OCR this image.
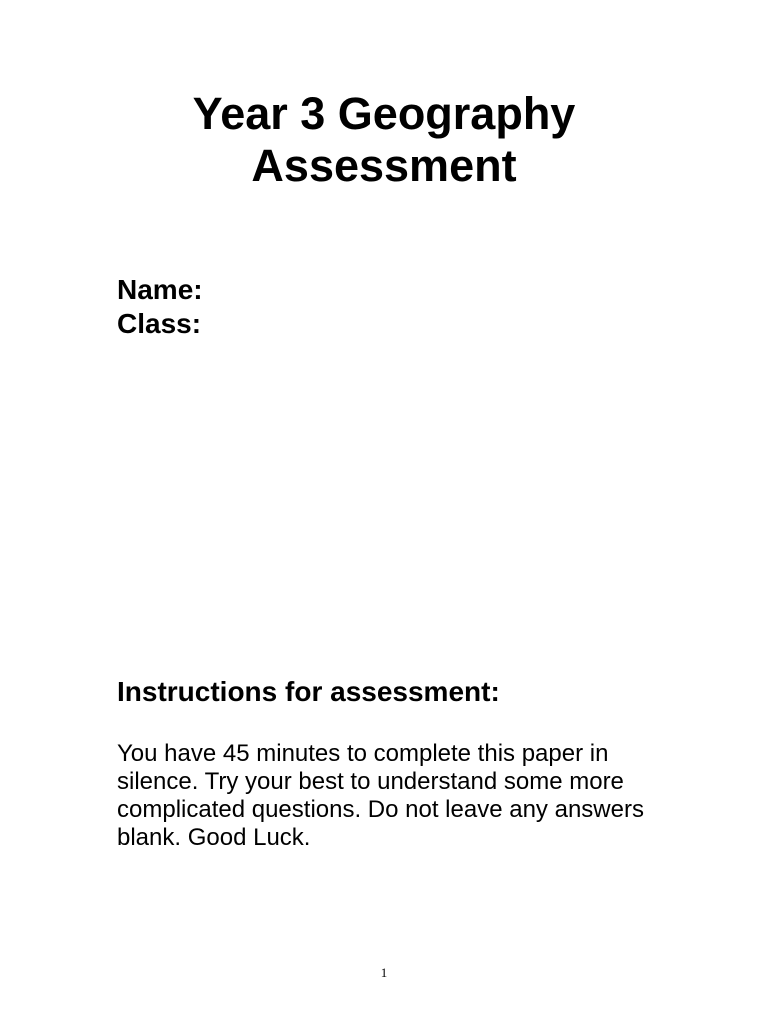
Year 3 Geography
Assessment
Name:
Class:
Instructions for assessment:

You have 45 minutes to complete this paper in silence. Try your best to understand some more complicated questions. Do not leave any answers blank. Good Luck.

1
